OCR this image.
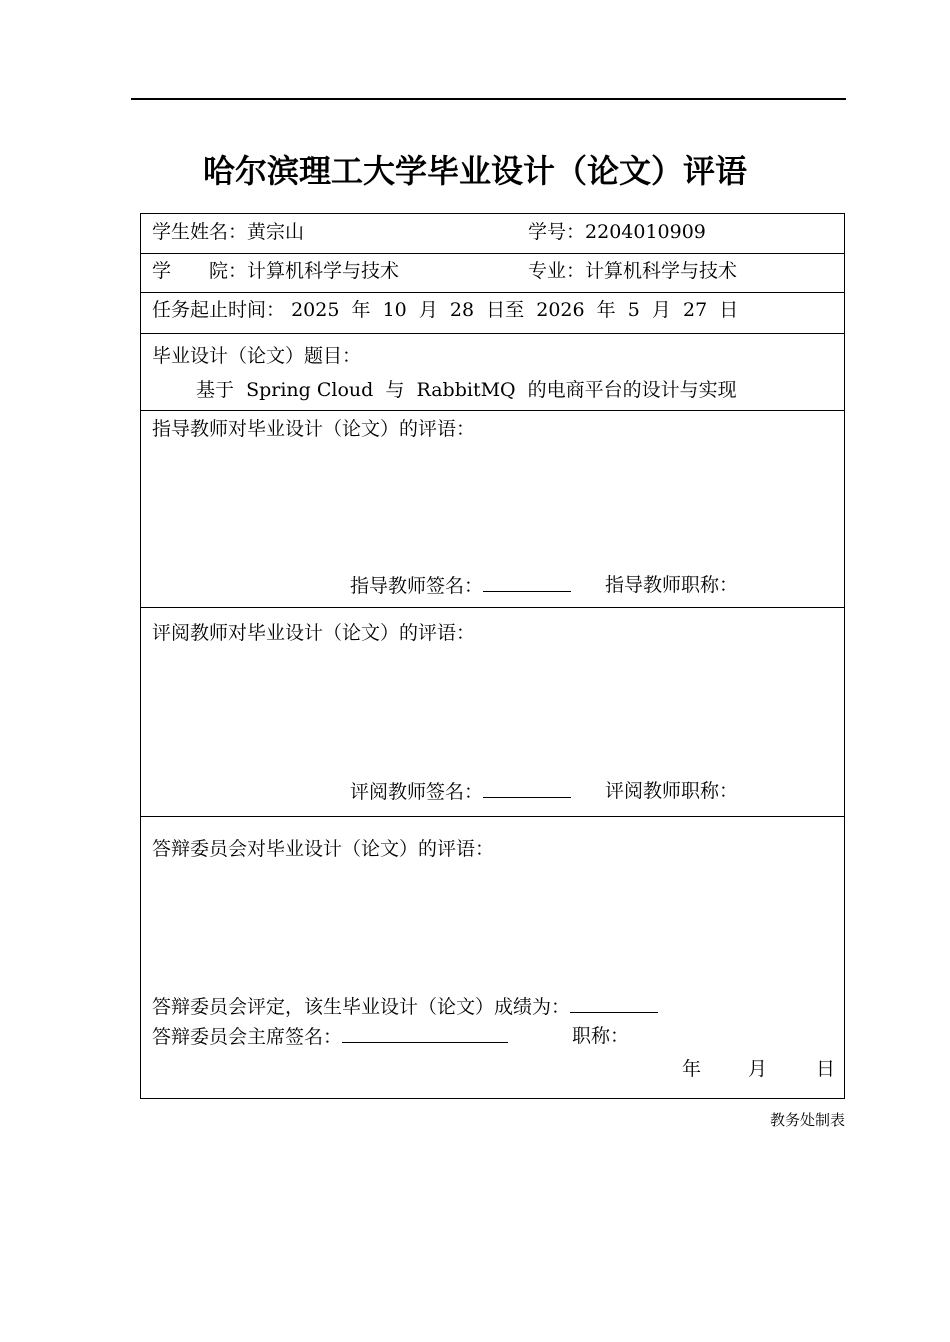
哈尔滨理工大学毕业设计（论文）评语
学生姓名：黄宗山	学号：2204010909
学　　院：计算机科学与技术	专业：计算机科学与技术
任务起止时间： 2025  年  10  月  28  日至  2026  年  5  月  27  日
毕业设计（论文）题目：
基于  Spring Cloud  与  RabbitMQ  的电商平台的设计与实现
指导教师对毕业设计（论文）的评语：
指导教师签名：	指导教师职称：
评阅教师对毕业设计（论文）的评语：
评阅教师签名：	评阅教师职称：
答辩委员会对毕业设计（论文）的评语：
答辩委员会评定，该生毕业设计（论文）成绩为：
答辩委员会主席签名：	职称：
年 月	日
教务处制表
